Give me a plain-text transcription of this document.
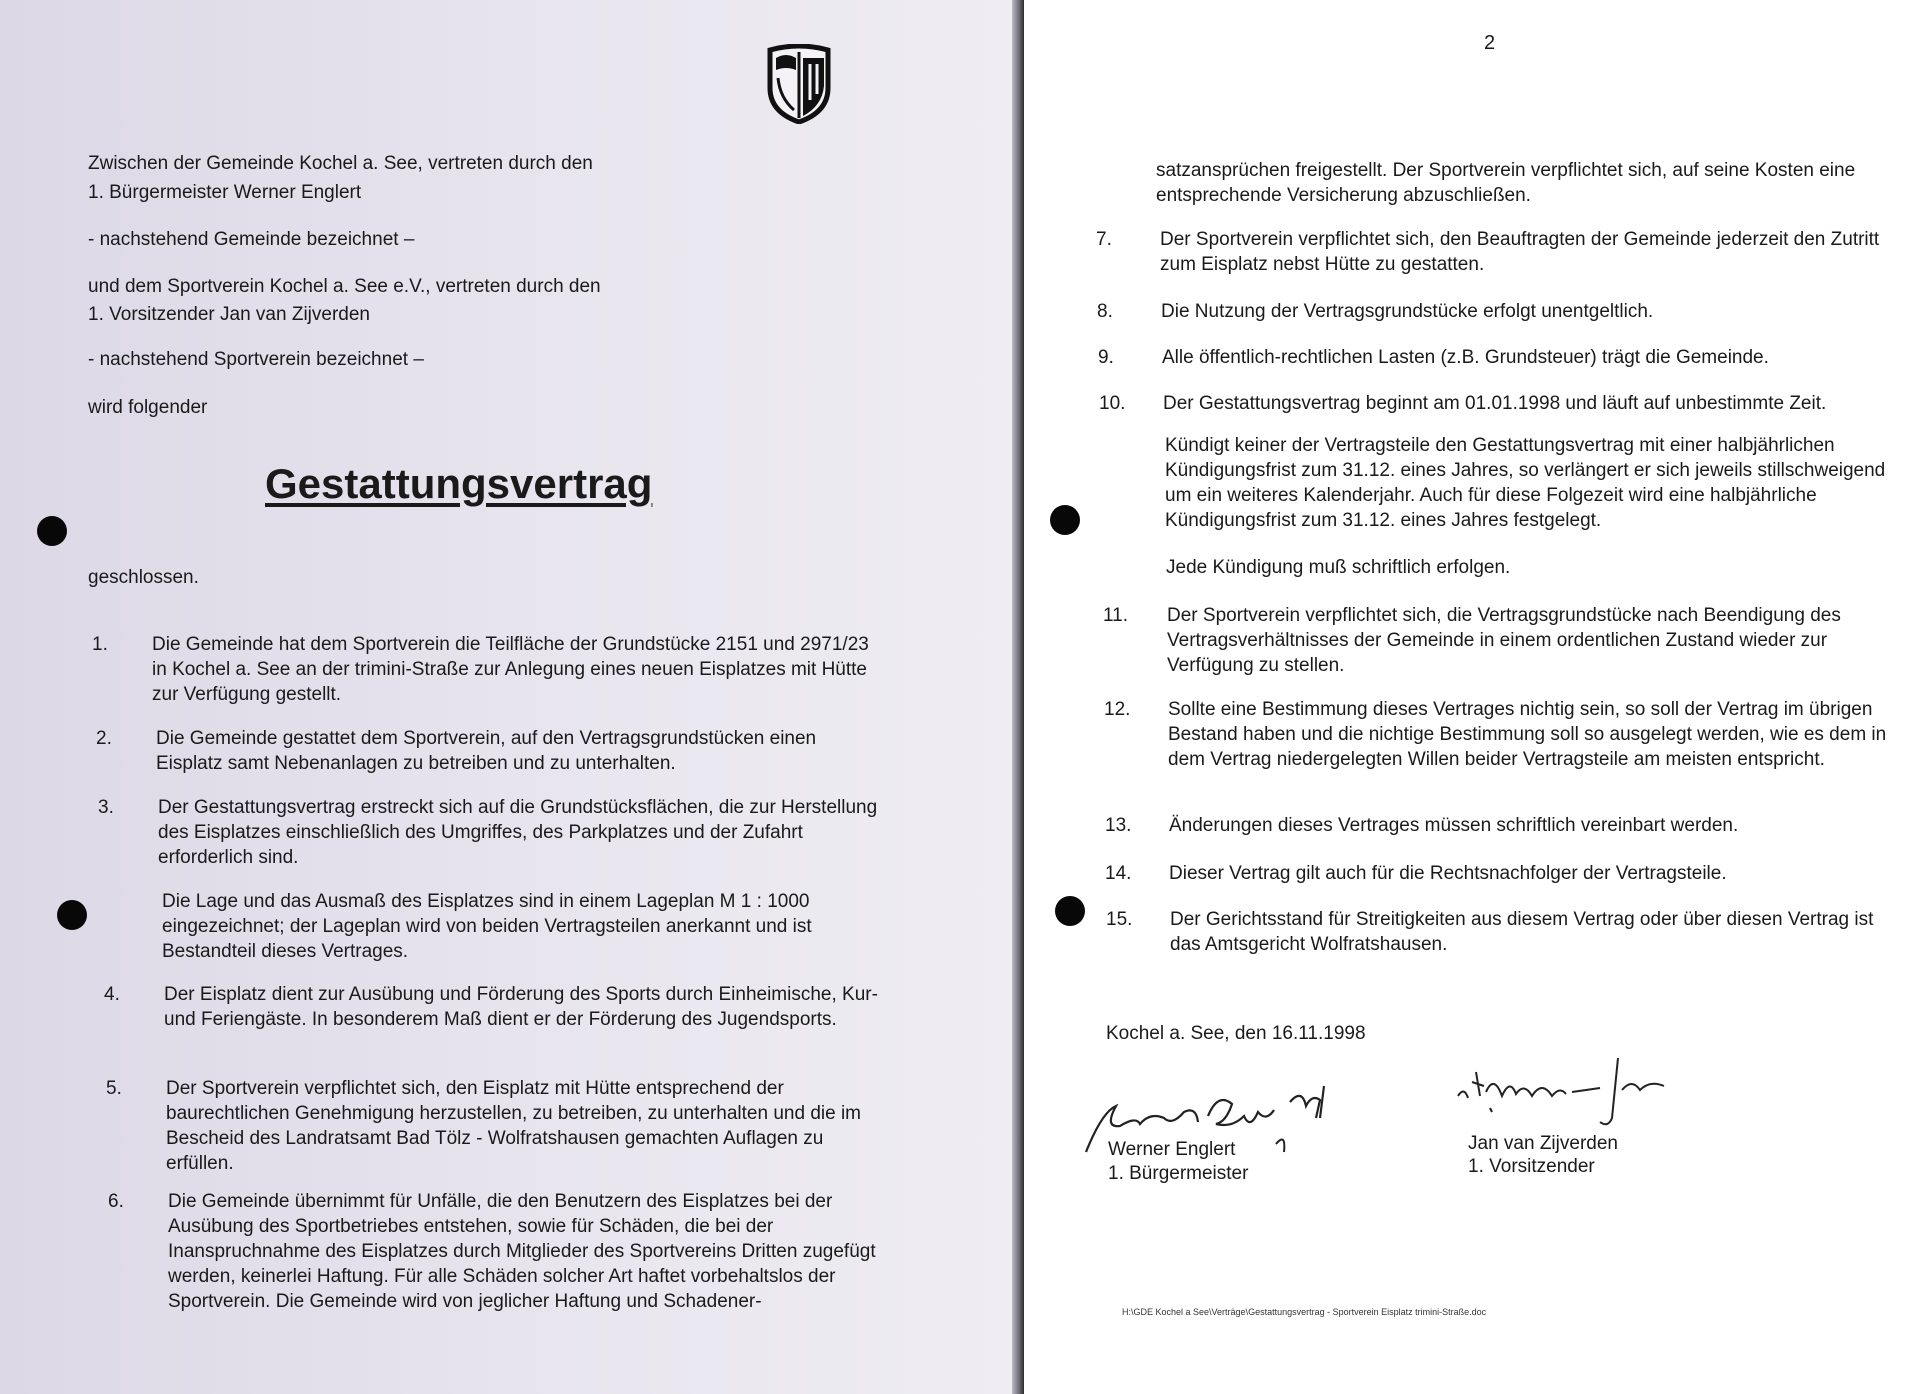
Zwischen der Gemeinde Kochel a. See, vertreten durch den
1. Bürgermeister Werner Englert
- nachstehend Gemeinde bezeichnet –
und dem Sportverein Kochel a. See e.V., vertreten durch den
1. Vorsitzender Jan van Zijverden
- nachstehend Sportverein bezeichnet –
wird folgender
Gestattungsvertrag
geschlossen.
1.	Die Gemeinde hat dem Sportverein die Teilfläche der Grundstücke 2151 und 2971/23 in Kochel a. See an der trimini-Straße zur Anlegung eines neuen Eisplatzes mit Hütte zur Verfügung gestellt.
2.	Die Gemeinde gestattet dem Sportverein, auf den Vertragsgrundstücken einen Eisplatz samt Nebenanlagen zu betreiben und zu unterhalten.
3.	Der Gestattungsvertrag erstreckt sich auf die Grundstücksflächen, die zur Herstellung des Eisplatzes einschließlich des Umgriffes, des Parkplatzes und der Zufahrt erforderlich sind.
Die Lage und das Ausmaß des Eisplatzes sind in einem Lageplan M 1 : 1000 eingezeichnet; der Lageplan wird von beiden Vertragsteilen anerkannt und ist Bestandteil dieses Vertrages.
4.	Der Eisplatz dient zur Ausübung und Förderung des Sports durch Einheimische, Kur- und Feriengäste. In besonderem Maß dient er der Förderung des Jugendsports.
5.	Der Sportverein verpflichtet sich, den Eisplatz mit Hütte entsprechend der baurechtlichen Genehmigung herzustellen, zu betreiben, zu unterhalten und die im Bescheid des Landratsamt Bad Tölz - Wolfratshausen gemachten Auflagen zu erfüllen.
6.	Die Gemeinde übernimmt für Unfälle, die den Benutzern des Eisplatzes bei der Ausübung des Sportbetriebes entstehen, sowie für Schäden, die bei der Inanspruchnahme des Eisplatzes durch Mitglieder des Sportvereins Dritten zugefügt werden, keinerlei Haftung. Für alle Schäden solcher Art haftet vorbehaltslos der Sportverein. Die Gemeinde wird von jeglicher Haftung und Schadener-
2
satzansprüchen freigestellt. Der Sportverein verpflichtet sich, auf seine Kosten eine entsprechende Versicherung abzuschließen.
7.	Der Sportverein verpflichtet sich, den Beauftragten der Gemeinde jederzeit den Zutritt zum Eisplatz nebst Hütte zu gestatten.
8.	Die Nutzung der Vertragsgrundstücke erfolgt unentgeltlich.
9.	Alle öffentlich-rechtlichen Lasten (z.B. Grundsteuer) trägt die Gemeinde.
10.	Der Gestattungsvertrag beginnt am 01.01.1998 und läuft auf unbestimmte Zeit.
Kündigt keiner der Vertragsteile den Gestattungsvertrag mit einer halbjährlichen Kündigungsfrist zum 31.12. eines Jahres, so verlängert er sich jeweils stillschweigend um ein weiteres Kalenderjahr. Auch für diese Folgezeit wird eine halbjährliche Kündigungsfrist zum 31.12. eines Jahres festgelegt.
Jede Kündigung muß schriftlich erfolgen.
11.	Der Sportverein verpflichtet sich, die Vertragsgrundstücke nach Beendigung des Vertragsverhältnisses der Gemeinde in einem ordentlichen Zustand wieder zur Verfügung zu stellen.
12.	Sollte eine Bestimmung dieses Vertrages nichtig sein, so soll der Vertrag im übrigen Bestand haben und die nichtige Bestimmung soll so ausgelegt werden, wie es dem in dem Vertrag niedergelegten Willen beider Vertragsteile am meisten entspricht.
13.	Änderungen dieses Vertrages müssen schriftlich vereinbart werden.
14.	Dieser Vertrag gilt auch für die Rechtsnachfolger der Vertragsteile.
15.	Der Gerichtsstand für Streitigkeiten aus diesem Vertrag oder über diesen Vertrag ist das Amtsgericht Wolfratshausen.
Kochel a. See, den 16.11.1998
Werner Englert
1. Bürgermeister
Jan van Zijverden
1. Vorsitzender
H:\GDE Kochel a See\Verträge\Gestattungsvertrag - Sportverein Eisplatz trimini-Straße.doc
